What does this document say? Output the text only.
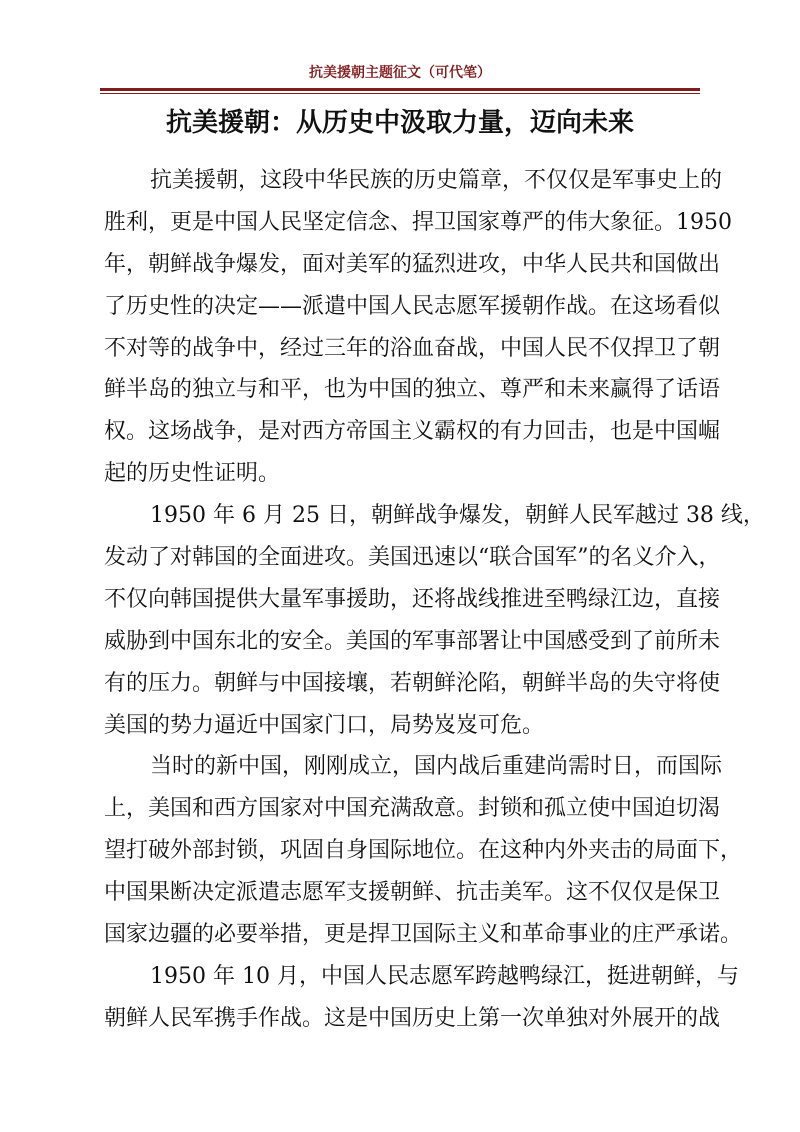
抗美援朝主题征文（可代笔）
抗美援朝：从历史中汲取力量，迈向未来
抗美援朝，这段中华民族的历史篇章，不仅仅是军事史上的
胜利，更是中国人民坚定信念、捍卫国家尊严的伟大象征。1950
年，朝鲜战争爆发，面对美军的猛烈进攻，中华人民共和国做出
了历史性的决定——派遣中国人民志愿军援朝作战。在这场看似
不对等的战争中，经过三年的浴血奋战，中国人民不仅捍卫了朝
鲜半岛的独立与和平，也为中国的独立、尊严和未来赢得了话语
权。这场战争，是对西方帝国主义霸权的有力回击，也是中国崛
起的历史性证明。
1950 年 6 月 25 日，朝鲜战争爆发，朝鲜人民军越过 38 线，
发动了对韩国的全面进攻。美国迅速以“联合国军”的名义介入，
不仅向韩国提供大量军事援助，还将战线推进至鸭绿江边，直接
威胁到中国东北的安全。美国的军事部署让中国感受到了前所未
有的压力。朝鲜与中国接壤，若朝鲜沦陷，朝鲜半岛的失守将使
美国的势力逼近中国家门口，局势岌岌可危。
当时的新中国，刚刚成立，国内战后重建尚需时日，而国际
上，美国和西方国家对中国充满敌意。封锁和孤立使中国迫切渴
望打破外部封锁，巩固自身国际地位。在这种内外夹击的局面下，
中国果断决定派遣志愿军支援朝鲜、抗击美军。这不仅仅是保卫
国家边疆的必要举措，更是捍卫国际主义和革命事业的庄严承诺。
1950 年 10 月，中国人民志愿军跨越鸭绿江，挺进朝鲜，与
朝鲜人民军携手作战。这是中国历史上第一次单独对外展开的战
